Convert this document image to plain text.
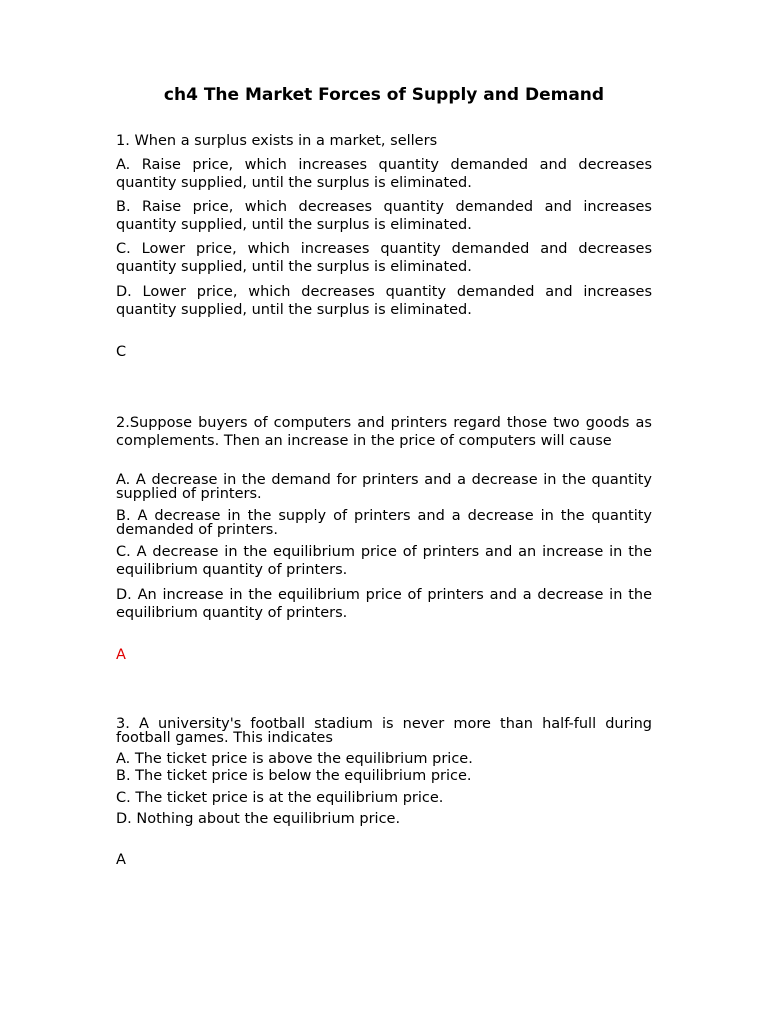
ch4 The Market Forces of Supply and Demand
1. When a surplus exists in a market, sellers
A. Raise price, which increases quantity demanded and decreases quantity supplied, until the surplus is eliminated.
B. Raise price, which decreases quantity demanded and increases quantity supplied, until the surplus is eliminated.
C. Lower price, which increases quantity demanded and decreases quantity supplied, until the surplus is eliminated.
D. Lower price, which decreases quantity demanded and increases quantity supplied, until the surplus is eliminated.
C
2.Suppose buyers of computers and printers regard those two goods as complements. Then an increase in the price of computers will cause
A. A decrease in the demand for printers and a decrease in the quantity supplied of printers.
B. A decrease in the supply of printers and a decrease in the quantity demanded of printers.
C. A decrease in the equilibrium price of printers and an increase in the equilibrium quantity of printers.
D. An increase in the equilibrium price of printers and a decrease in the equilibrium quantity of printers.
A
3. A university's football stadium is never more than half-full during football games. This indicates
A. The ticket price is above the equilibrium price.
B. The ticket price is below the equilibrium price.
C. The ticket price is at the equilibrium price.
D. Nothing about the equilibrium price.
A
